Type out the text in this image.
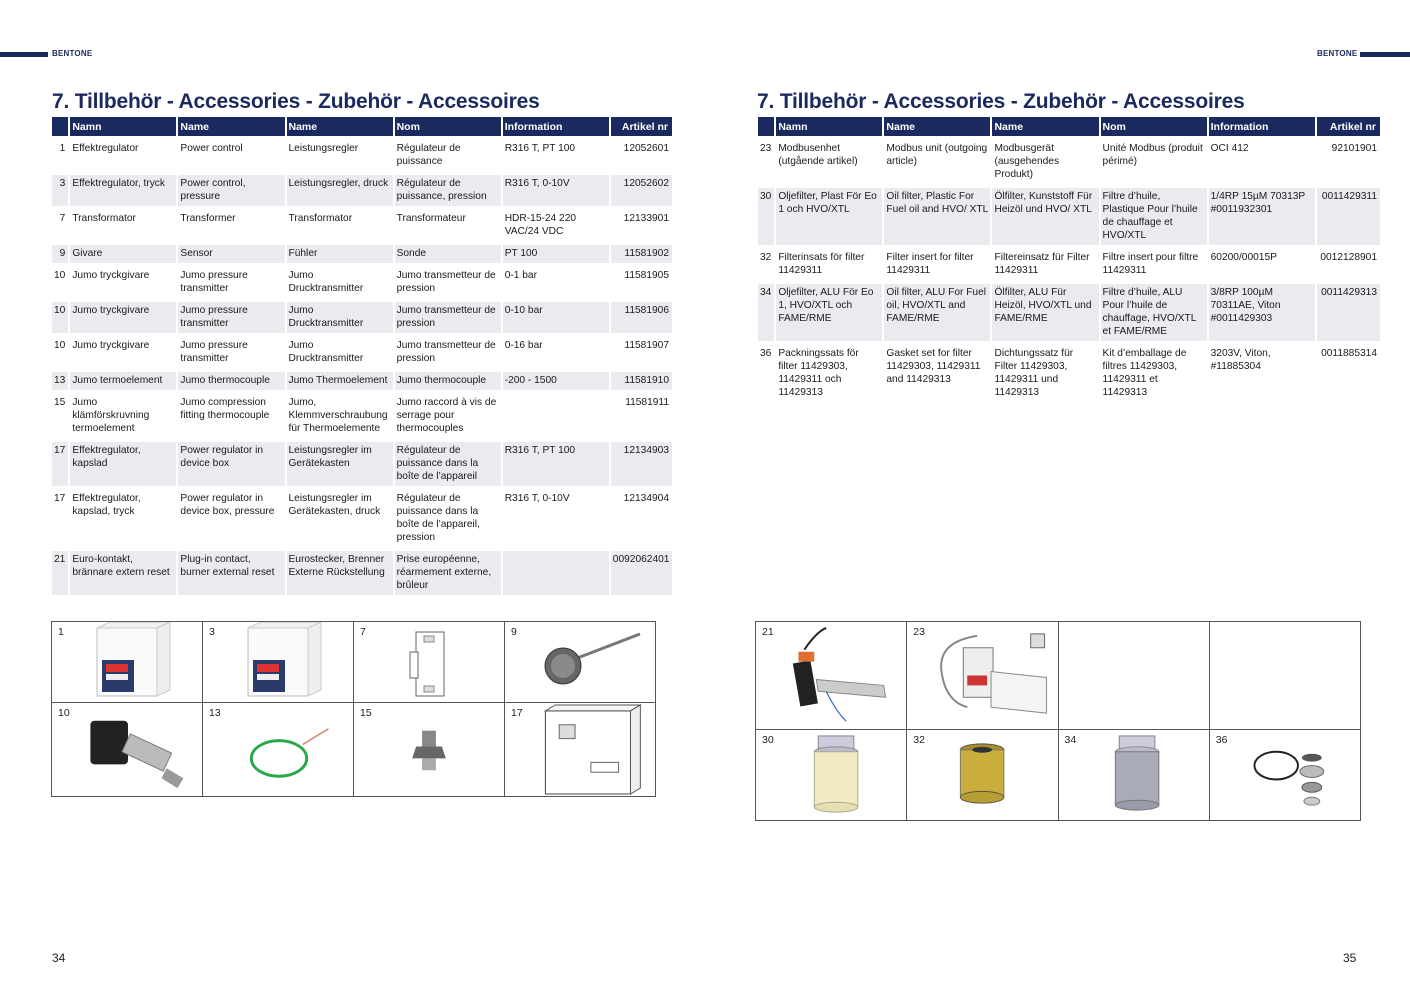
BENTONE
7. Tillbehör - Accessories - Zubehör - Accessoires
	Namn	Name	Name	Nom	Information	Artikel nr

1	Effektregulator	Power control	Leistungsregler	Régulateur de puissance	R316 T, PT 100	12052601

3	Effektregulator, tryck	Power control, pressure	Leistungsregler, druck	Régulateur de puissance, pression	R316 T, 0-10V	12052602

7	Transformator	Transformer	Transformator	Transformateur	HDR-15-24 220 VAC/24 VDC	12133901

9	Givare	Sensor	Fühler	Sonde	PT 100	11581902

10	Jumo tryckgivare	Jumo pressure transmitter	Jumo Drucktransmitter	Jumo transmetteur de pression	0-1 bar	11581905

10	Jumo tryckgivare	Jumo pressure transmitter	Jumo Drucktransmitter	Jumo transmetteur de pression	0-10 bar	11581906

10	Jumo tryckgivare	Jumo pressure transmitter	Jumo Drucktransmitter	Jumo transmetteur de pression	0-16 bar	11581907

13	Jumo termoelement	Jumo thermocouple	Jumo Thermoelement	Jumo thermocouple	-200 - 1500	11581910

15	Jumo klämförskruvning termoelement	Jumo compression fitting thermocouple	Jumo, Klemmverschraubung für Thermoelemente	Jumo raccord à vis de serrage pour thermocouples		11581911

17	Effektregulator, kapslad	Power regulator in device box	Leistungsregler im Gerätekasten	Régulateur de puissance dans la boîte de l’appareil	R316 T, PT 100	12134903

17	Effektregulator, kapslad, tryck	Power regulator in device box, pressure	Leistungsregler im Gerätekasten, druck	Régulateur de puissance dans la boîte de l’appareil, pression	R316 T, 0-10V	12134904

21	Euro-kontakt, brännare extern reset	Plug-in contact, burner external reset	Eurostecker, Brenner Externe Rückstellung	Prise européenne, réarmement externe, brûleur		0092062401
1	3	7	9

10	13	15	17
34
BENTONE
7. Tillbehör - Accessories - Zubehör - Accessoires
	Namn	Name	Name	Nom	Information	Artikel nr

23	Modbusenhet (utgående artikel)	Modbus unit (outgoing article)	Modbusgerät (ausgehendes Produkt)	Unité Modbus (produit périmé)	OCI 412	92101901

30	Oljefilter, Plast För Eo 1 och HVO/XTL	Oil filter, Plastic For Fuel oil and HVO/ XTL	Ölfilter, Kunststoff Für Heizöl und HVO/ XTL	Filtre d’huile, Plastique Pour l’huile de chauffage et HVO/XTL	1/4RP 15µM 70313P #0011932301	0011429311

32	Filterinsats för filter 11429311	Filter insert for filter 11429311	Filtereinsatz für Filter 11429311	Filtre insert pour filtre 11429311	60200/00015P	0012128901

34	Oljefilter, ALU För Eo 1, HVO/XTL och FAME/RME	Oil filter, ALU For Fuel oil, HVO/XTL and FAME/RME	Ölfilter, ALU Für Heizöl, HVO/XTL und FAME/RME	Filtre d’huile, ALU Pour l’huile de chauffage, HVO/XTL et FAME/RME	3/8RP 100µM 70311AE, Viton #0011429303	0011429313

36	Packningssats för filter 11429303, 11429311 och 11429313	Gasket set for filter 11429303, 11429311 and 11429313	Dichtungssatz für Filter 11429303, 11429311 und 11429313	Kit d’emballage de filtres 11429303, 11429311 et 11429313	3203V, Viton, #11885304	0011885314
21	23		

30	32	34	36
35
